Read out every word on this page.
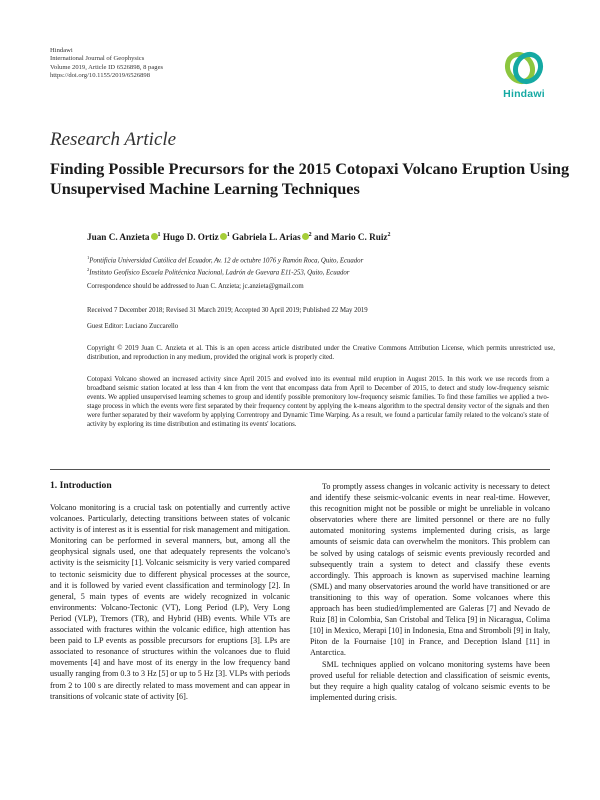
Hindawi
International Journal of Geophysics
Volume 2019, Article ID 6526898, 8 pages
https://doi.org/10.1155/2019/6526898
Hindawi
Research Article
Finding Possible Precursors for the 2015 Cotopaxi Volcano Eruption Using Unsupervised Machine Learning Techniques
Juan C. Anzieta $^1$ Hugo D. Ortiz $^1$ Gabriela L. Arias $^2$ and Mario C. Ruiz$^2$
$^1$Pontificia Universidad Católica del Ecuador, Av. 12 de octubre 1076 y Ramón Roca, Quito, Ecuador
$^2$Instituto Geofísico Escuela Politécnica Nacional, Ladrón de Guevara E11-253, Quito, Ecuador
Correspondence should be addressed to Juan C. Anzieta; jc.anzieta@gmail.com
Received 7 December 2018; Revised 31 March 2019; Accepted 30 April 2019; Published 22 May 2019
Guest Editor: Luciano Zuccarello
Copyright © 2019 Juan C. Anzieta et al. This is an open access article distributed under the Creative Commons Attribution License, which permits unrestricted use, distribution, and reproduction in any medium, provided the original work is properly cited.
Cotopaxi Volcano showed an increased activity since April 2015 and evolved into its eventual mild eruption in August 2015. In this work we use records from a broadband seismic station located at less than 4 km from the vent that encompass data from April to December of 2015, to detect and study low-frequency seismic events. We applied unsupervised learning schemes to group and identify possible premonitory low-frequency seismic families. To find these families we applied a two-stage process in which the events were first separated by their frequency content by applying the k-means algorithm to the spectral density vector of the signals and then were further separated by their waveform by applying Correntropy and Dynamic Time Warping. As a result, we found a particular family related to the volcano's state of activity by exploring its time distribution and estimating its events' locations.
1. Introduction

Volcano monitoring is a crucial task on potentially and currently active volcanoes. Particularly, detecting transitions between states of volcanic activity is of interest as it is essential for risk management and mitigation. Monitoring can be performed in several manners, but, among all the geophysical signals used, one that adequately represents the volcano's activity is the seismicity [1]. Volcanic seismicity is very varied compared to tectonic seismicity due to different physical processes at the source, and it is followed by varied event classification and terminology [2]. In general, 5 main types of events are widely recognized in volcanic environments: Volcano-Tectonic (VT), Long Period (LP), Very Long Period (VLP), Tremors (TR), and Hybrid (HB) events. While VTs are associated with fractures within the volcanic edifice, high attention has been paid to LP events as possible precursors for eruptions [3]. LPs are associated to resonance of structures within the volcanoes due to fluid movements [4] and have most of its energy in the low frequency band usually ranging from 0.3 to 3 Hz [5] or up to 5 Hz [3]. VLPs with periods from 2 to 100 s are directly related to mass movement and can appear in transitions of volcanic state of activity [6].

To promptly assess changes in volcanic activity is necessary to detect and identify these seismic-volcanic events in near real-time. However, this recognition might not be possible or might be unreliable in volcano observatories where there are limited personnel or there are no fully automated monitoring systems implemented during crisis, as large amounts of seismic data can overwhelm the monitors. This problem can be solved by using catalogs of seismic events previously recorded and subsequently train a system to detect and classify these events accordingly. This approach is known as supervised machine learning (SML) and many observatories around the world have transitioned or are transitioning to this way of operation. Some volcanoes where this approach has been studied/implemented are Galeras [7] and Nevado de Ruiz [8] in Colombia, San Cristobal and Telica [9] in Nicaragua, Colima [10] in Mexico, Merapi [10] in Indonesia, Etna and Stromboli [9] in Italy, Piton de la Fournaise [10] in France, and Deception Island [11] in Antarctica.

SML techniques applied on volcano monitoring systems have been proved useful for reliable detection and classification of seismic events, but they require a high quality catalog of volcano seismic events to be implemented during crisis.
